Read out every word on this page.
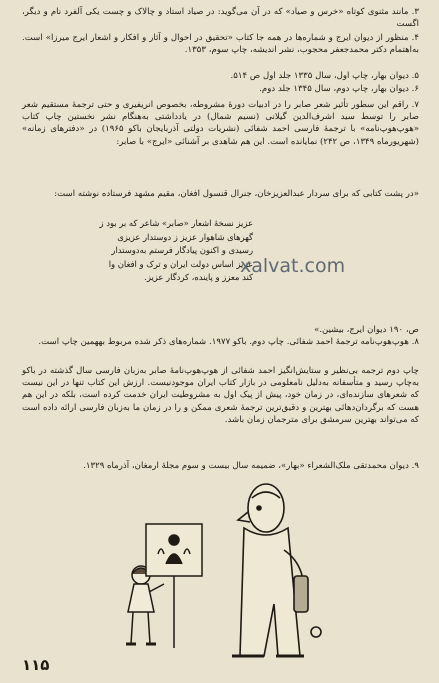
۳. مانند مثنوی کوتاه «خرس و صیاد» که در آن می‌گوید: در صیاد استاد و چالاک و چست یکی آلفرد نام و دیگر، اگست
۴. منظور از دیوان ایرج و شماره‌ها در همه جا کتاب «تحقیق در احوال و آثار و افکار و اشعار ایرج میرزا» است. به‌اهتمام دکتر محمدجعفر محجوب، نشر اندیشه، چاپ سوم، ۱۳۵۳.
۵. دیوان بهار، چاپ اول، سال ۱۳۳۵ جلد اول ص ۵۱۴.
۶. دیوان بهار، چاپ دوم، سال ۱۳۴۵ جلد دوم.
۷. راقم این سطور تأثیر شعر صابر را در ادبیات دورهٔ مشروطه، بخصوص انریفیری و حتی ترجمهٔ مستقیم شعر صابر را توسط سید اشرف‌الدین گیلانی (نسیم شمال) در یادداشتی به‌هنگام نشر نخستین چاپ کتاب «هوپ‌هوپ‌نامه» با ترجمهٔ فارسی احمد شفائی (نشریات دولتی آذربایجان باکو ۱۹۶۵) در «دفترهای زمانه» (شهریورماه ۱۳۴۹، ص ۲۴۲) نمایانده است. این هم شاهدی بر آشنائی «ایرج» با صابر:
«در پشت کتابی که برای سردار عبدالعزیزخان، جنرال قنسول افغان، مقیم مشهد فرستاده نوشته است:
عزیز نسخهٔ اشعار «صابر» شاعر که بر بود ز
گهرهای شاهوار عزیز ز دوستدار عزیزی
رسیدی و اکنون پیادگار فرستم به‌دوستدار
عزیز اساس دولت ایران و ترک و افغان وا
کند معزز و پاینده، کردگار عزیز.
xalvat.com
ص، ۱۹۰ دیوان ایرج، بیشین.»
۸. هوپ‌هوپ‌نامه ترجمهٔ احمد شفائی. چاپ دوم. باکو ۱۹۷۷. شماره‌های ذکر شده مربوط بههمین چاپ است.
چاپ دوم ترجمه بی‌نظیر و ستایش‌انگیز احمد شفائی از هوپ‌هوپ‌نامهٔ صابر به‌زبان فارسی سال گذشته در باکو به‌چاپ رسید و متأسفانه به‌دلیل نامعلومی در بازار کتاب ایران موجودنیست. ارزش این کتاب تنها در این نیست که شعرهای سازنده‌ای، در زمان خود، پیش از پیک اول به مشروطیت ایران خدمت کرده است، بلکه در این هم هست که برگردان‌دهائی بهترین و دقیق‌ترین ترجمهٔ شعری ممکن و را در زمان ما به‌زبان فارسی ارائه داده است که می‌تواند بهترین سرمشق برای مترجمان زمان باشد.
۹. دیوان محمدتقی ملک‌الشعراء «بهار»، ضمیمه سال بیست و سوم مجلهٔ ارمغان، آذرماه ۱۳۲۹.
۱۱۵
